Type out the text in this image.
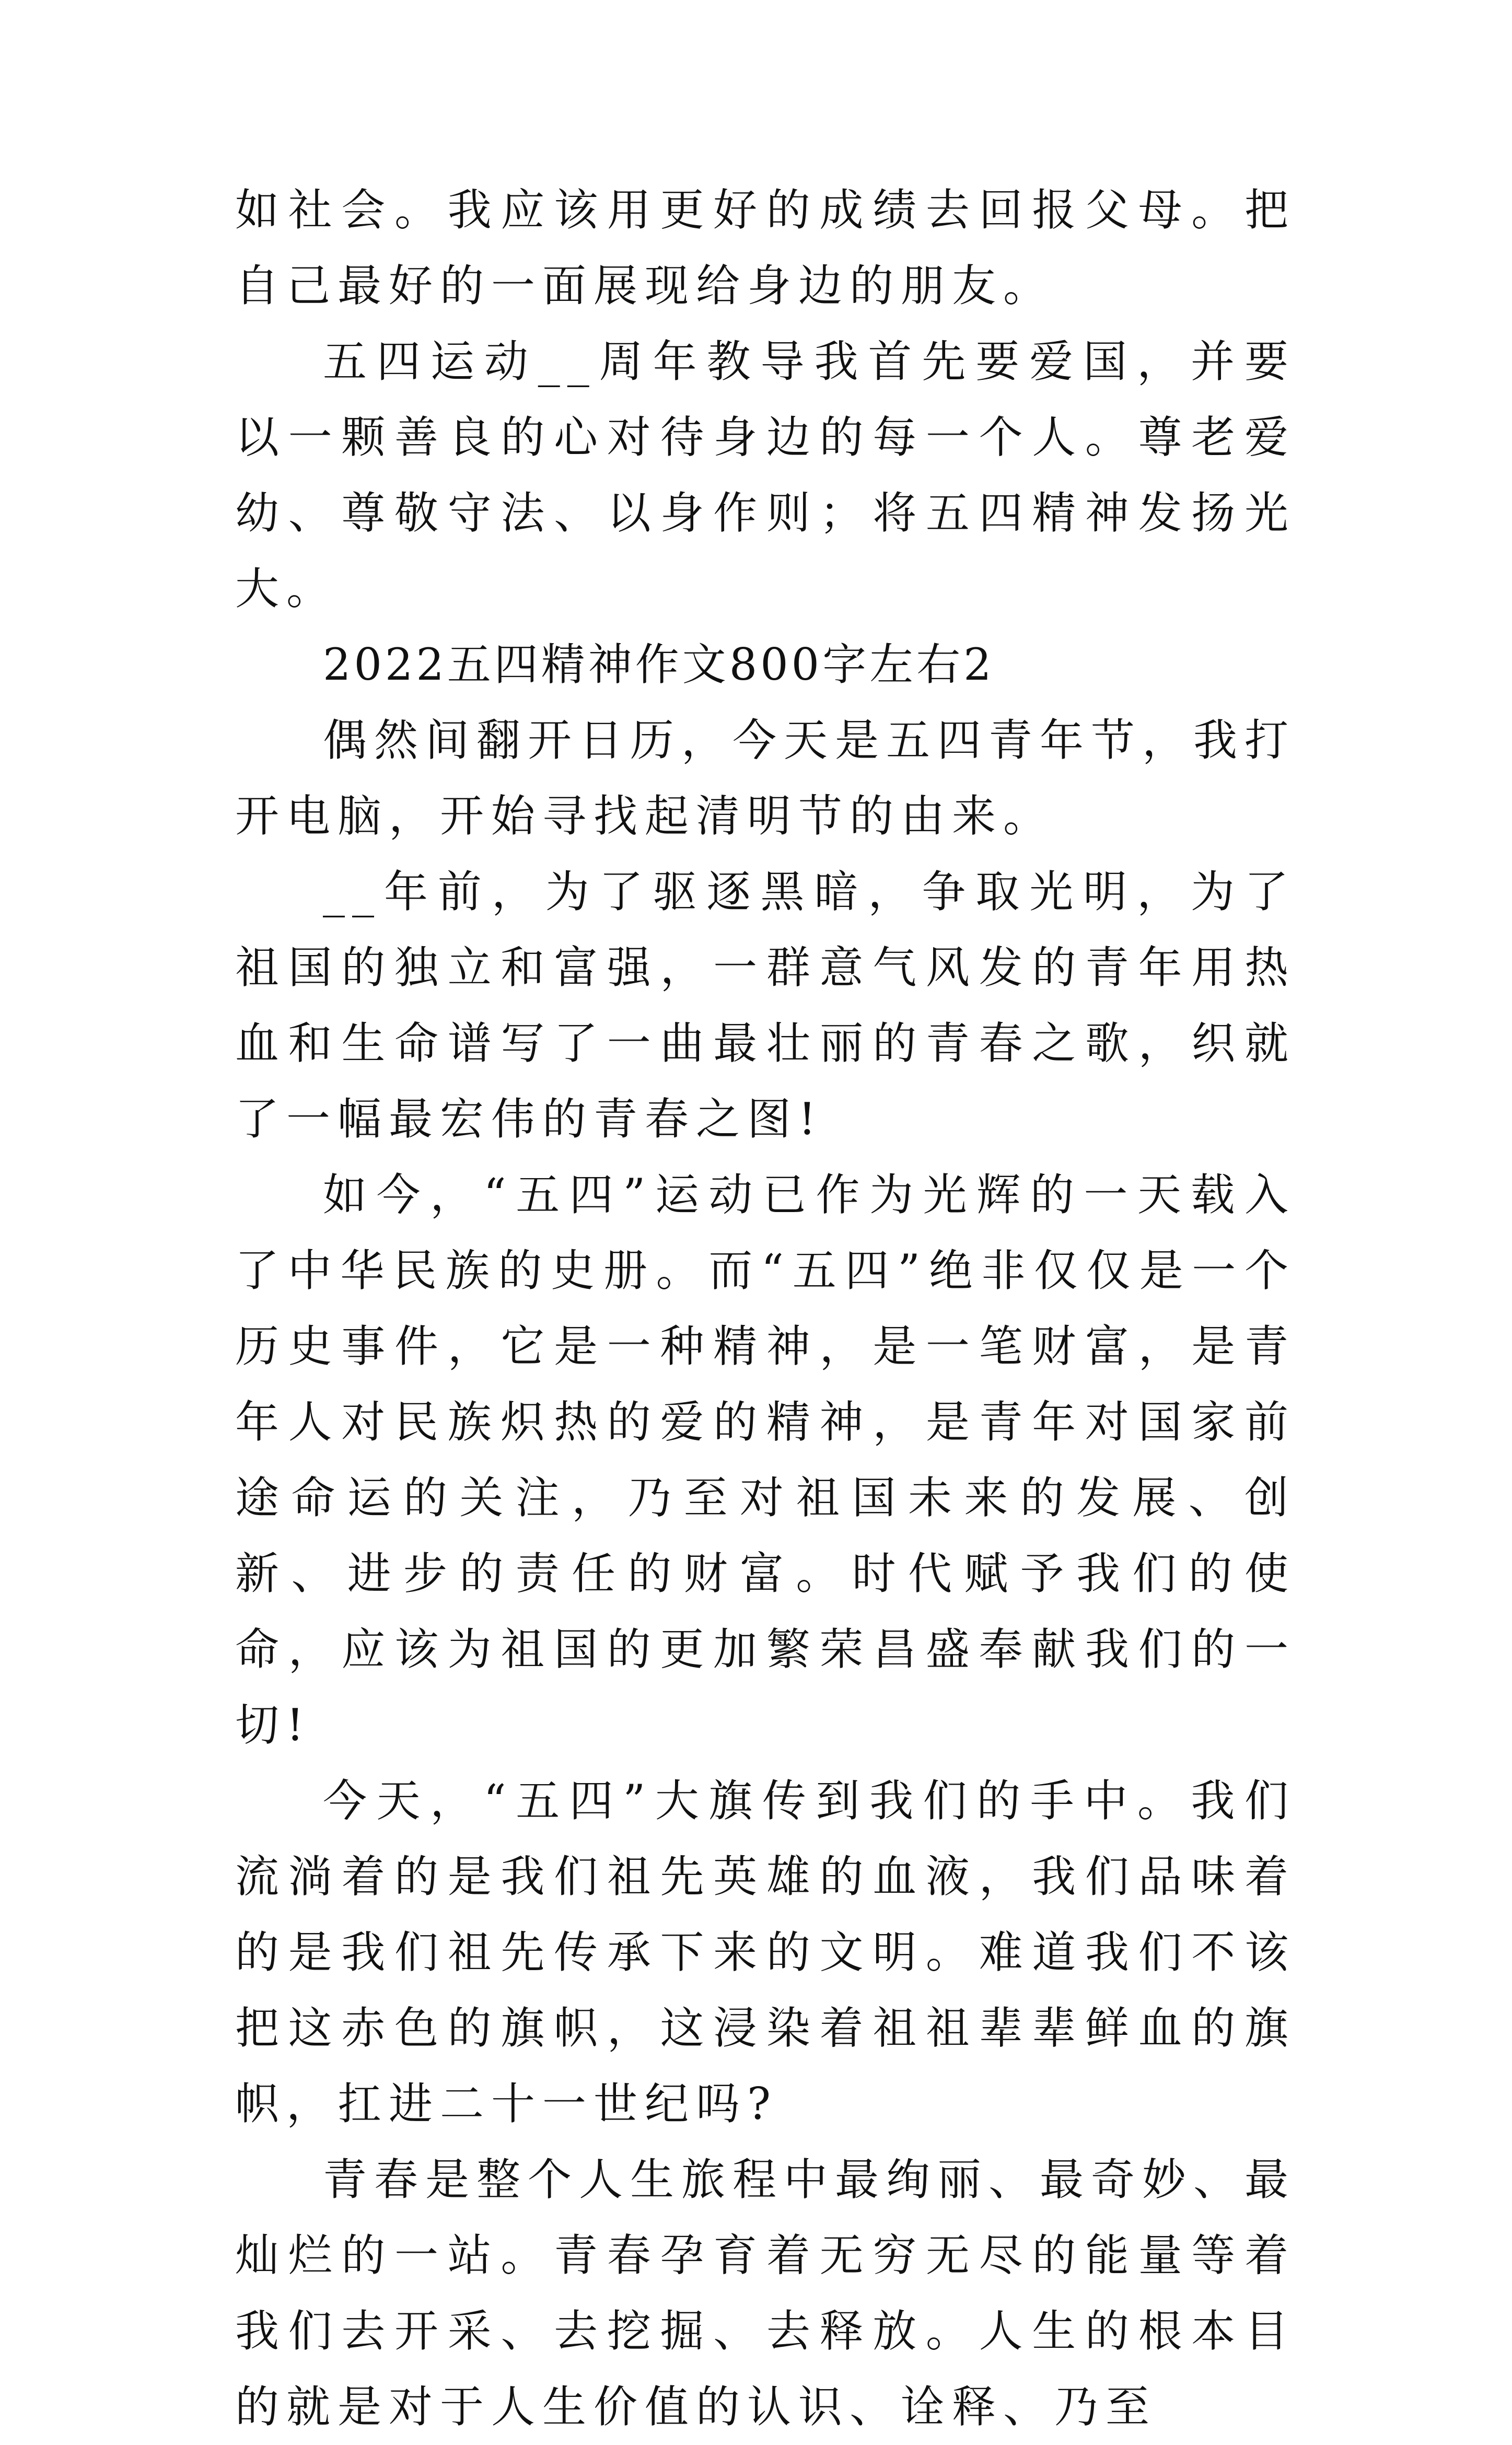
如社会。我应该用更好的成绩去回报父母。把自己最好的一面展现给身边的朋友。

五四运动__周年教导我首先要爱国，并要以一颗善良的心对待身边的每一个人。尊老爱幼、尊敬守法、以身作则；将五四精神发扬光大。

2022五四精神作文800字左右2

偶然间翻开日历，今天是五四青年节，我打开电脑，开始寻找起清明节的由来。

__年前，为了驱逐黑暗，争取光明，为了祖国的独立和富强，一群意气风发的青年用热血和生命谱写了一曲最壮丽的青春之歌，织就了一幅最宏伟的青春之图!

如今，“五四”运动已作为光辉的一天载入了中华民族的史册。而“五四”绝非仅仅是一个历史事件，它是一种精神，是一笔财富，是青年人对民族炽热的爱的精神，是青年对国家前途命运的关注，乃至对祖国未来的发展、创新、进步的责任的财富。时代赋予我们的使命，应该为祖国的更加繁荣昌盛奉献我们的一切!

今天，“五四”大旗传到我们的手中。我们流淌着的是我们祖先英雄的血液，我们品味着的是我们祖先传承下来的文明。难道我们不该把这赤色的旗帜，这浸染着祖祖辈辈鲜血的旗帜，扛进二十一世纪吗?

青春是整个人生旅程中最绚丽、最奇妙、最灿烂的一站。青春孕育着无穷无尽的能量等着我们去开采、去挖掘、去释放。人生的根本目的就是对于人生价值的认识、诠释、乃至
